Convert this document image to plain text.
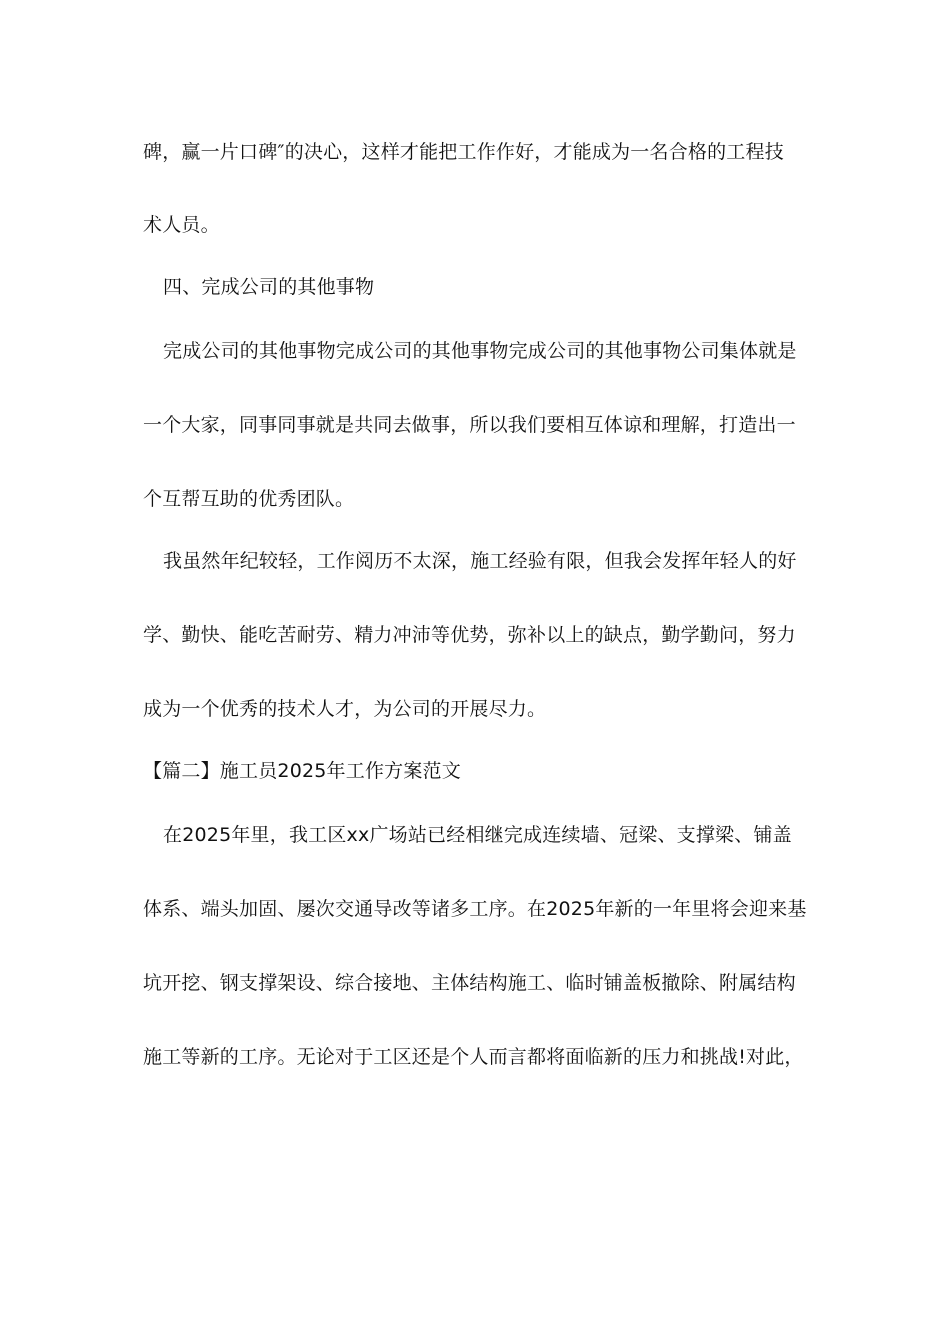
碑，赢一片口碑″的决心，这样才能把工作作好，才能成为一名合格的工程技
术人员。
四、完成公司的其他事物
完成公司的其他事物完成公司的其他事物完成公司的其他事物公司集体就是
一个大家，同事同事就是共同去做事，所以我们要相互体谅和理解，打造出一
个互帮互助的优秀团队。
我虽然年纪较轻，工作阅历不太深，施工经验有限，但我会发挥年轻人的好
学、勤快、能吃苦耐劳、精力冲沛等优势，弥补以上的缺点，勤学勤问，努力
成为一个优秀的技术人才，为公司的开展尽力。
【篇二】施工员2025年工作方案范文
在2025年里，我工区xx广场站已经相继完成连续墙、冠梁、支撑梁、铺盖
体系、端头加固、屡次交通导改等诸多工序。在2025年新的一年里将会迎来基
坑开挖、钢支撑架设、综合接地、主体结构施工、临时铺盖板撤除、附属结构
施工等新的工序。无论对于工区还是个人而言都将面临新的压力和挑战!对此，
